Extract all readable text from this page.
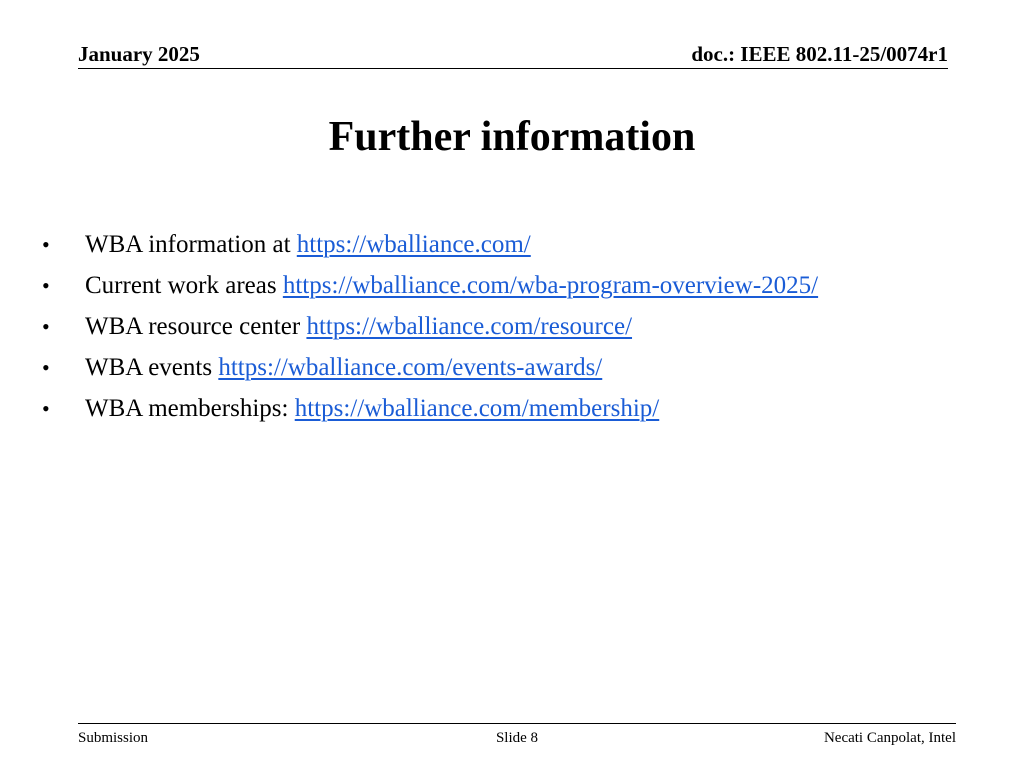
January 2025	doc.: IEEE 802.11-25/0074r1
Further information
•	WBA information at https://wballiance.com/
•	Current work areas https://wballiance.com/wba-program-overview-2025/
•	WBA resource center https://wballiance.com/resource/
•	WBA events https://wballiance.com/events-awards/
•	WBA memberships: https://wballiance.com/membership/
Submission	Slide 8	Necati Canpolat, Intel
